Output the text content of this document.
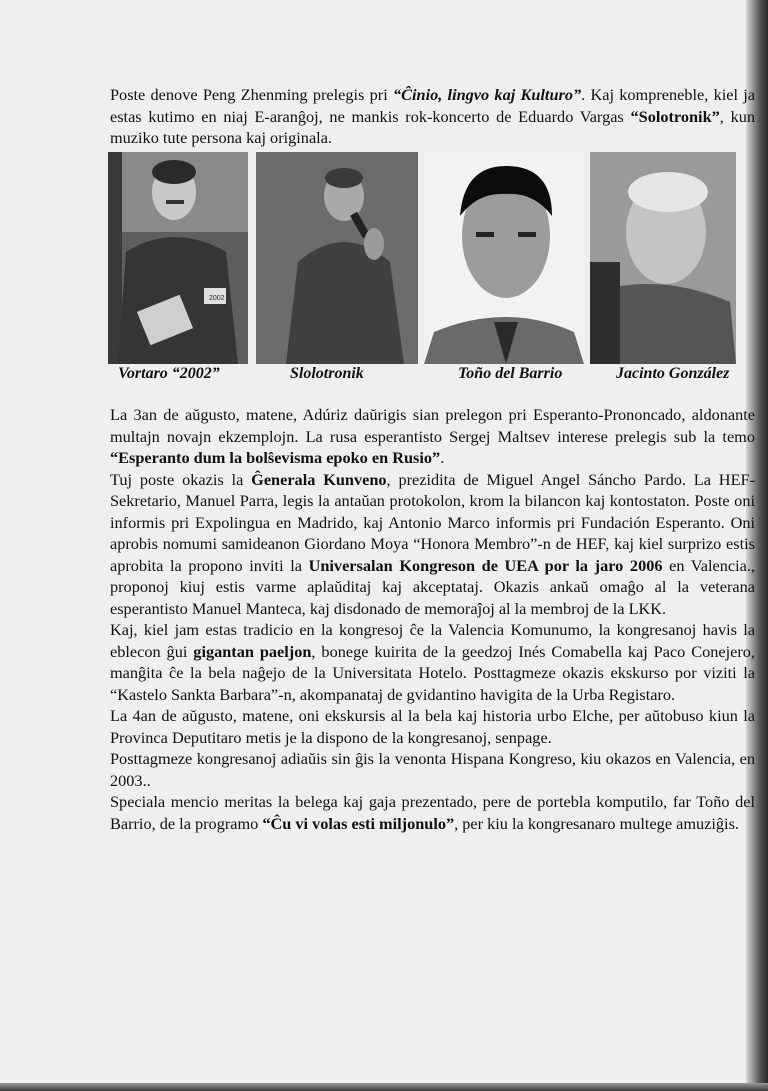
Poste denove Peng Zhenming prelegis pri “Ĉinio, lingvo kaj Kulturo”. Kaj kompreneble, kiel ja estas kutimo en niaj E-aranĝoj, ne mankis rok-koncerto de Eduardo Vargas “Solotronik”, kun muziko tute persona kaj originala.

2002
Vortaro “2002”	Slolotronik	Toño del Barrio	Jacinto González

La 3an de aŭgusto, matene, Adúriz daŭrigis sian prelegon pri Esperanto-Prononcado, aldonante multajn novajn ekzemplojn. La rusa esperantisto Sergej Maltsev interese prelegis sub la temo “Esperanto dum la bolŝevisma epoko en Rusio”.

Tuj poste okazis la Ĝenerala Kunveno, prezidita de Miguel Angel Sáncho Pardo. La HEF-Sekretario, Manuel Parra, legis la antaŭan protokolon, krom la bilancon kaj kontostaton. Poste oni informis pri Expolingua en Madrido, kaj Antonio Marco informis pri Fundación Esperanto. Oni aprobis nomumi samideanon Giordano Moya “Honora Membro”-n de HEF, kaj kiel surprizo estis aprobita la propono inviti la Universalan Kongreson de UEA por la jaro 2006 en Valencia., proponoj kiuj estis varme aplaŭditaj kaj akceptataj. Okazis ankaŭ omaĝo al la veterana esperantisto Manuel Manteca, kaj disdonado de memoraĵoj al la membroj de la LKK.

Kaj, kiel jam estas tradicio en la kongresoj ĉe la Valencia Komunumo, la kongresanoj havis la eblecon ĝui gigantan paeljon, bonege kuirita de la geedzoj Inés Comabella kaj Paco Conejero, manĝita ĉe la bela naĝejo de la Universitata Hotelo. Posttagmeze okazis ekskurso por viziti la “Kastelo Sankta Barbara”-n, akompanataj de gvidantino havigita de la Urba Registaro.

La 4an de aŭgusto, matene, oni ekskursis al la bela kaj historia urbo Elche, per aŭtobuso kiun la Provinca Deputitaro metis je la dispono de la kongresanoj, senpage.

Posttagmeze kongresanoj adiaŭis sin ĝis la venonta Hispana Kongreso, kiu okazos en Valencia, en 2003..

Speciala mencio meritas la belega kaj gaja prezentado, pere de portebla komputilo, far Toño del Barrio, de la programo “Ĉu vi volas esti miljonulo”, per kiu la kongresanaro multege amuziĝis.
